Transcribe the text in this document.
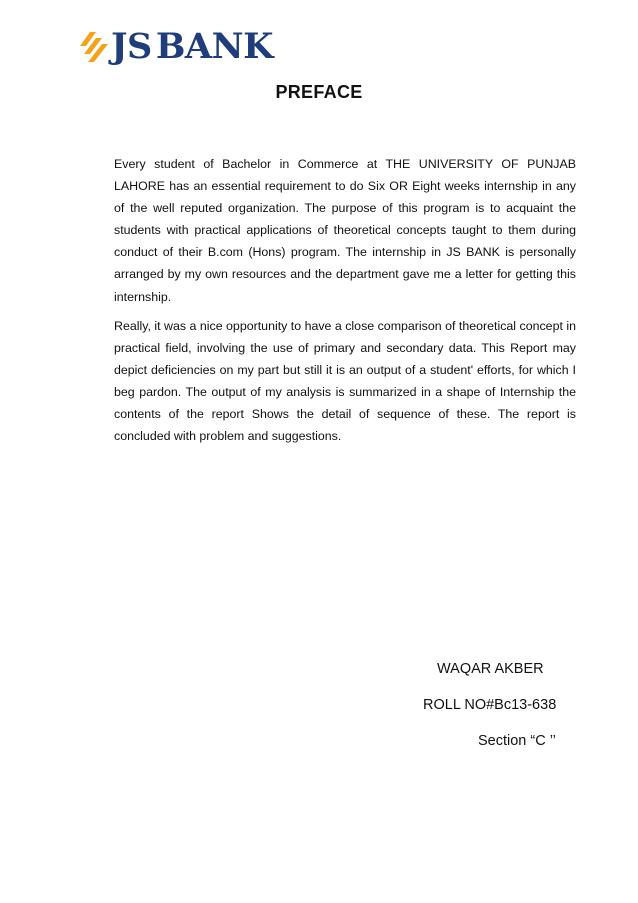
JS BANK
PREFACE

Every student of Bachelor in Commerce at THE UNIVERSITY OF PUNJAB LAHORE has an essential requirement to do Six OR Eight weeks internship in any of the well reputed organization. The purpose of this program is to acquaint the students with practical applications of theoretical concepts taught to them during conduct of their B.com (Hons) program. The internship in JS BANK is personally arranged by my own resources and the department gave me a letter for getting this internship.

Really, it was a nice opportunity to have a close comparison of theoretical concept in practical field, involving the use of primary and secondary data. This Report may depict deficiencies on my part but still it is an output of a student' efforts, for which I beg pardon. The output of my analysis is summarized in a shape of Internship the contents of the report Shows the detail of sequence of these. The report is concluded with problem and suggestions.

WAQAR AKBER
ROLL NO#Bc13-638
Section “C ’’
